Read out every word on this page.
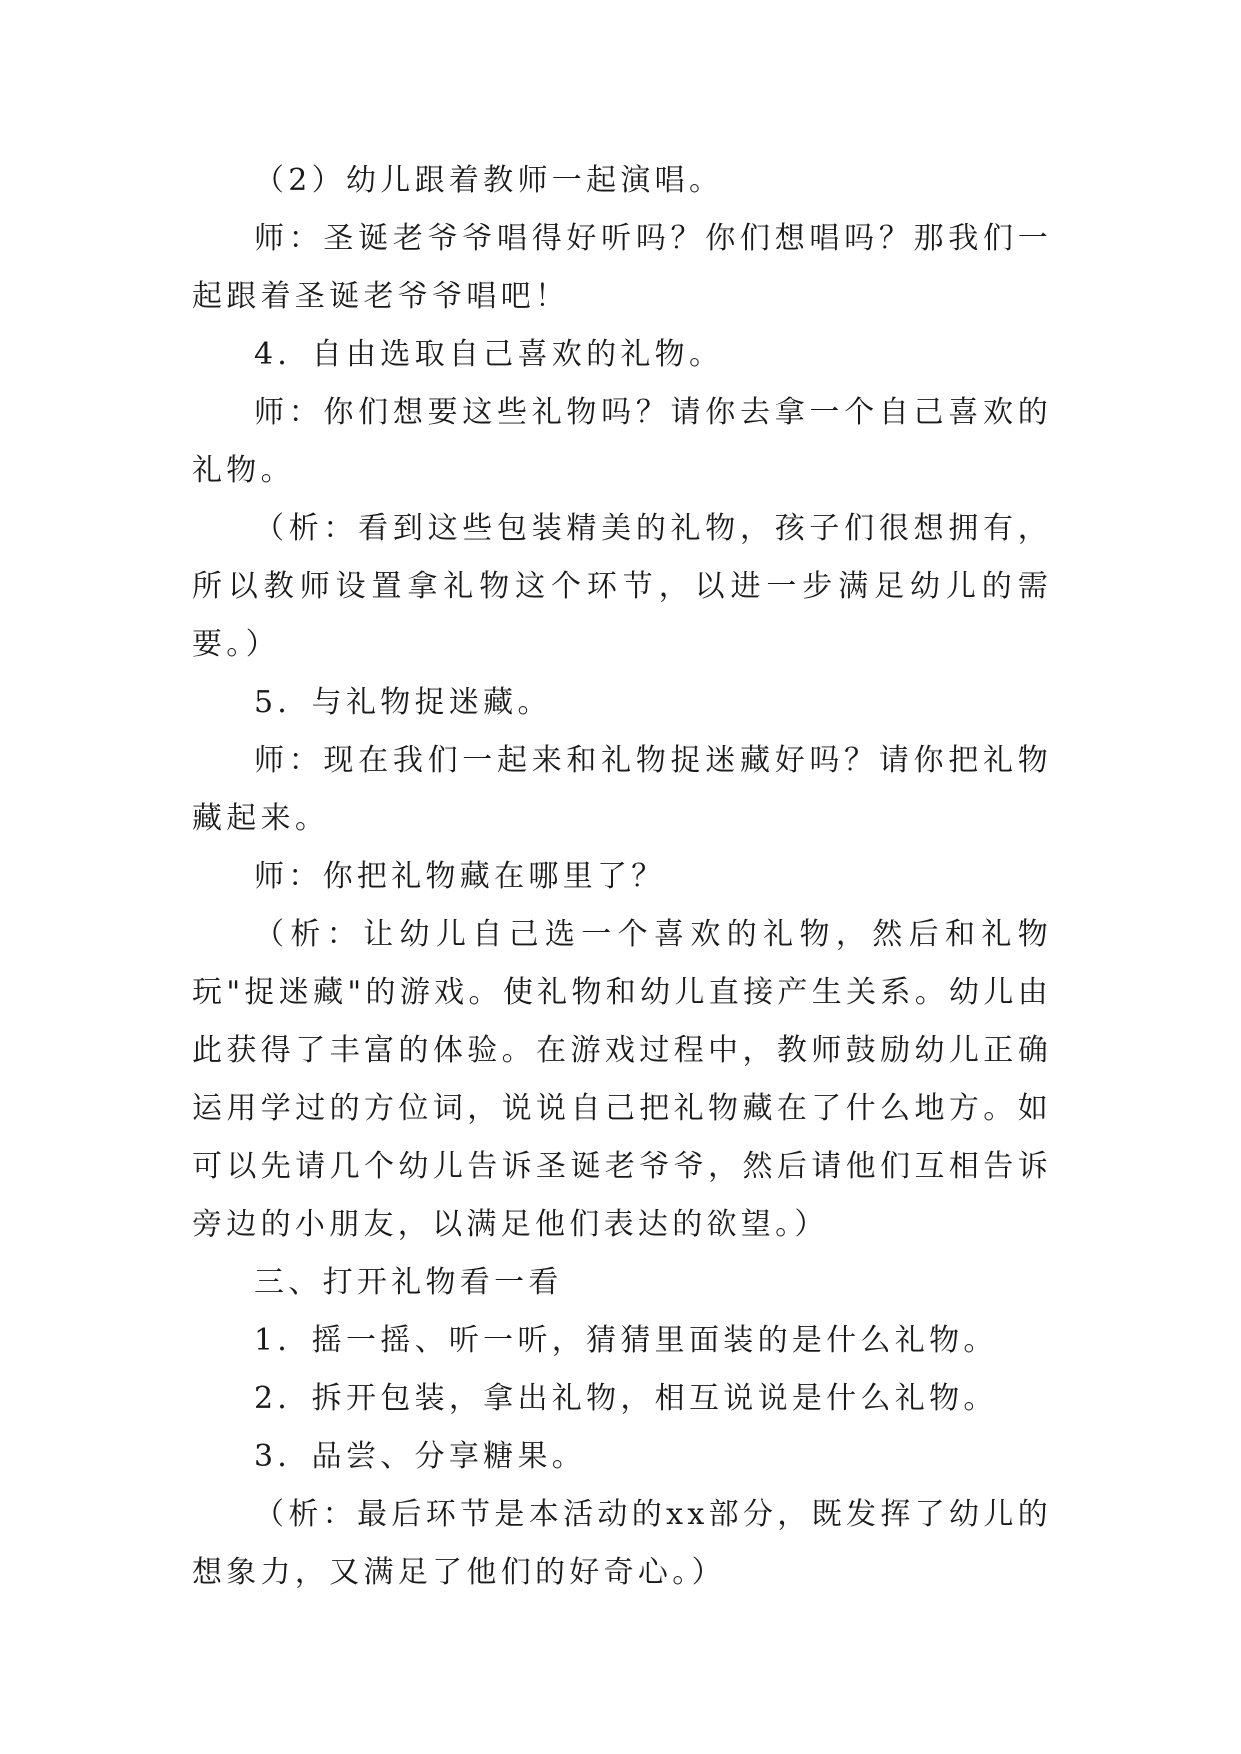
（2）幼儿跟着教师一起演唱。

师：圣诞老爷爷唱得好听吗？你们想唱吗？那我们一起跟着圣诞老爷爷唱吧！

4．自由选取自己喜欢的礼物。

师：你们想要这些礼物吗？请你去拿一个自己喜欢的礼物。

（析：看到这些包装精美的礼物，孩子们很想拥有，所以教师设置拿礼物这个环节，以进一步满足幼儿的需要。）

5．与礼物捉迷藏。

师：现在我们一起来和礼物捉迷藏好吗？请你把礼物藏起来。

师：你把礼物藏在哪里了？

（析：让幼儿自己选一个喜欢的礼物，然后和礼物玩"捉迷藏"的游戏。使礼物和幼儿直接产生关系。幼儿由此获得了丰富的体验。在游戏过程中，教师鼓励幼儿正确运用学过的方位词，说说自己把礼物藏在了什么地方。如可以先请几个幼儿告诉圣诞老爷爷，然后请他们互相告诉旁边的小朋友，以满足他们表达的欲望。）

三、打开礼物看一看

1．摇一摇、听一听，猜猜里面装的是什么礼物。

2．拆开包装，拿出礼物，相互说说是什么礼物。

3．品尝、分享糖果。

（析：最后环节是本活动的xx部分，既发挥了幼儿的想象力，又满足了他们的好奇心。）
